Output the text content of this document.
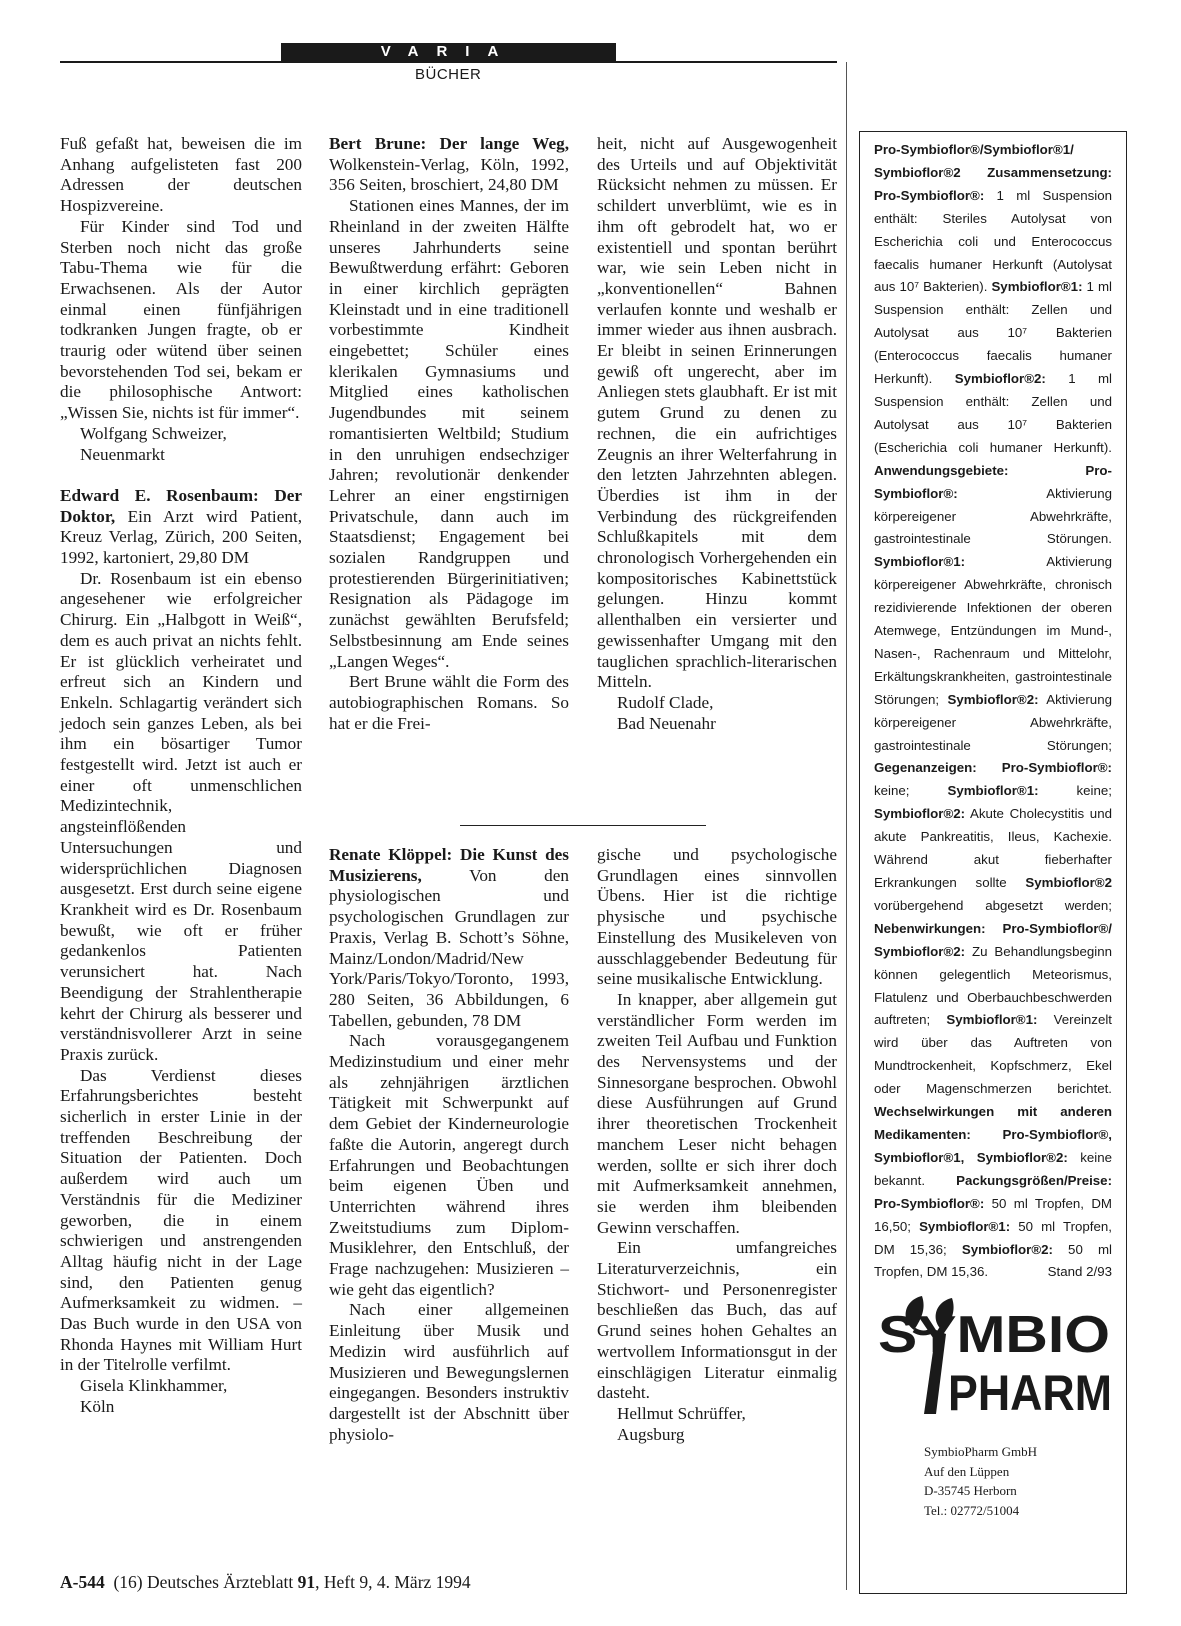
VARIA
BÜCHER

Fuß gefaßt hat, beweisen die im Anhang aufgelisteten fast 200 Adressen der deutschen Hospizvereine.

Für Kinder sind Tod und Sterben noch nicht das große Tabu-Thema wie für die Erwachsenen. Als der Autor einmal einen fünfjährigen todkranken Jungen fragte, ob er traurig oder wütend über seinen bevorstehenden Tod sei, bekam er die philosophische Antwort: „Wissen Sie, nichts ist für immer“.

Wolfgang Schweizer,

Neuenmarkt

Edward E. Rosenbaum: Der Doktor, Ein Arzt wird Patient, Kreuz Verlag, Zürich, 200 Seiten, 1992, kartoniert, 29,80 DM

Dr. Rosenbaum ist ein ebenso angesehener wie erfolgreicher Chirurg. Ein „Halbgott in Weiß“, dem es auch privat an nichts fehlt. Er ist glücklich verheiratet und erfreut sich an Kindern und Enkeln. Schlagartig verändert sich jedoch sein ganzes Leben, als bei ihm ein bösartiger Tumor festgestellt wird. Jetzt ist auch er einer oft unmenschlichen Medizintechnik, angsteinflößenden Untersuchungen und widersprüchlichen Diagnosen ausgesetzt. Erst durch seine eigene Krankheit wird es Dr. Rosenbaum bewußt, wie oft er früher gedankenlos Patienten verunsichert hat. Nach Beendigung der Strahlentherapie kehrt der Chirurg als besserer und verständnisvollerer Arzt in seine Praxis zurück.

Das Verdienst dieses Erfahrungsberichtes besteht sicherlich in erster Linie in der treffenden Beschreibung der Situation der Patienten. Doch außerdem wird auch um Verständnis für die Mediziner geworben, die in einem schwierigen und anstrengenden Alltag häufig nicht in der Lage sind, den Patienten genug Aufmerksamkeit zu widmen. – Das Buch wurde in den USA von Rhonda Haynes mit William Hurt in der Titelrolle verfilmt.

Gisela Klinkhammer,

Köln

Bert Brune: Der lange Weg, Wolkenstein-Verlag, Köln, 1992, 356 Seiten, broschiert, 24,80 DM

Stationen eines Mannes, der im Rheinland in der zweiten Hälfte unseres Jahrhunderts seine Bewußtwerdung erfährt: Geboren in einer kirchlich geprägten Kleinstadt und in eine traditionell vorbestimmte Kindheit eingebettet; Schüler eines klerikalen Gymnasiums und Mitglied eines katholischen Jugendbundes mit seinem romantisierten Weltbild; Studium in den unruhigen endsechziger Jahren; revolutionär denkender Lehrer an einer engstirnigen Privatschule, dann auch im Staatsdienst; Engagement bei sozialen Randgruppen und protestierenden Bürgerinitiativen; Resignation als Pädagoge im zunächst gewählten Berufsfeld; Selbstbesinnung am Ende seines „Langen Weges“.

Bert Brune wählt die Form des autobiographischen Romans. So hat er die Frei-

heit, nicht auf Ausgewogenheit des Urteils und auf Objektivität Rücksicht nehmen zu müssen. Er schildert unverblümt, wie es in ihm oft gebrodelt hat, wo er existentiell und spontan berührt war, wie sein Leben nicht in „konventionellen“ Bahnen verlaufen konnte und weshalb er immer wieder aus ihnen ausbrach. Er bleibt in seinen Erinnerungen gewiß oft ungerecht, aber im Anliegen stets glaubhaft. Er ist mit gutem Grund zu denen zu rechnen, die ein aufrichtiges Zeugnis an ihrer Welterfahrung in den letzten Jahrzehnten ablegen. Überdies ist ihm in der Verbindung des rückgreifenden Schlußkapitels mit dem chronologisch Vorhergehenden ein kompositorisches Kabinettstück gelungen. Hinzu kommt allenthalben ein versierter und gewissenhafter Umgang mit den tauglichen sprachlich-literarischen Mitteln.

Rudolf Clade,

Bad Neuenahr

Renate Klöppel: Die Kunst des Musizierens, Von den physiologischen und psychologischen Grundlagen zur Praxis, Verlag B. Schott’s Söhne, Mainz/London/Madrid/New York/Paris/Tokyo/Toronto, 1993, 280 Seiten, 36 Abbildungen, 6 Tabellen, gebunden, 78 DM

Nach vorausgegangenem Medizinstudium und einer mehr als zehnjährigen ärztlichen Tätigkeit mit Schwerpunkt auf dem Gebiet der Kinderneurologie faßte die Autorin, angeregt durch Erfahrungen und Beobachtungen beim eigenen Üben und Unterrichten während ihres Zweitstudiums zum Diplom-Musiklehrer, den Entschluß, der Frage nachzugehen: Musizieren – wie geht das eigentlich?

Nach einer allgemeinen Einleitung über Musik und Medizin wird ausführlich auf Musizieren und Bewegungslernen eingegangen. Besonders instruktiv dargestellt ist der Abschnitt über physiolo-

gische und psychologische Grundlagen eines sinnvollen Übens. Hier ist die richtige physische und psychische Einstellung des Musikeleven von ausschlaggebender Bedeutung für seine musikalische Entwicklung.

In knapper, aber allgemein gut verständlicher Form werden im zweiten Teil Aufbau und Funktion des Nervensystems und der Sinnesorgane besprochen. Obwohl diese Ausführungen auf Grund ihrer theoretischen Trockenheit manchem Leser nicht behagen werden, sollte er sich ihrer doch mit Aufmerksamkeit annehmen, sie werden ihm bleibenden Gewinn verschaffen.

Ein umfangreiches Literaturverzeichnis, ein Stichwort- und Personenregister beschließen das Buch, das auf Grund seines hohen Gehaltes an wertvollem Informationsgut in der einschlägigen Literatur einmalig dasteht.

Hellmut Schrüffer,

Augsburg

Pro-Symbioflor®/Symbioflor®1/ Symbioflor®2 Zusammensetzung: Pro-Symbioflor®: 1 ml Suspension enthält: Steriles Autolysat von Escherichia coli und Enterococcus faecalis humaner Herkunft (Autolysat aus 10⁷ Bakterien). Symbioflor®1: 1 ml Suspension enthält: Zellen und Autolysat aus 10⁷ Bakterien (Enterococcus faecalis humaner Herkunft). Symbioflor®2: 1 ml Suspension enthält: Zellen und Autolysat aus 10⁷ Bakterien (Escherichia coli humaner Herkunft). Anwendungsgebiete: Pro-Symbioflor®: Aktivierung körpereigener Abwehrkräfte, gastrointestinale Störungen. Symbioflor®1: Aktivierung körpereigener Abwehrkräfte, chronisch rezidivierende Infektionen der oberen Atemwege, Entzündungen im Mund-, Nasen-, Rachenraum und Mittelohr, Erkältungskrankheiten, gastrointestinale Störungen; Symbioflor®2: Aktivierung körpereigener Abwehrkräfte, gastrointestinale Störungen; Gegenanzeigen: Pro-Symbioflor®: keine; Symbioflor®1: keine; Symbioflor®2: Akute Cholecystitis und akute Pankreatitis, Ileus, Kachexie. Während akut fieberhafter Erkrankungen sollte Symbioflor®2 vorübergehend abgesetzt werden; Nebenwirkungen: Pro-Symbioflor®/ Symbioflor®2: Zu Behandlungsbeginn können gelegentlich Meteorismus, Flatulenz und Oberbauchbeschwerden auftreten; Symbioflor®1: Vereinzelt wird über das Auftreten von Mundtrockenheit, Kopfschmerz, Ekel oder Magenschmerzen berichtet. Wechselwirkungen mit anderen Medikamenten: Pro-Symbioflor®, Symbioflor®1, Symbioflor®2: keine bekannt. Packungsgrößen/Preise: Pro-Symbioflor®: 50 ml Tropfen, DM 16,50; Symbioflor®1: 50 ml Tropfen, DM 15,36; Symbioflor®2: 50 ml Tropfen, DM 15,36.	Stand 2/93

SYMBIO
PHARM
SymbioPharm GmbH
Auf den Lüppen
D-35745 Herborn
Tel.: 02772/51004
A-544  (16) Deutsches Ärzteblatt 91, Heft 9, 4. März 1994
